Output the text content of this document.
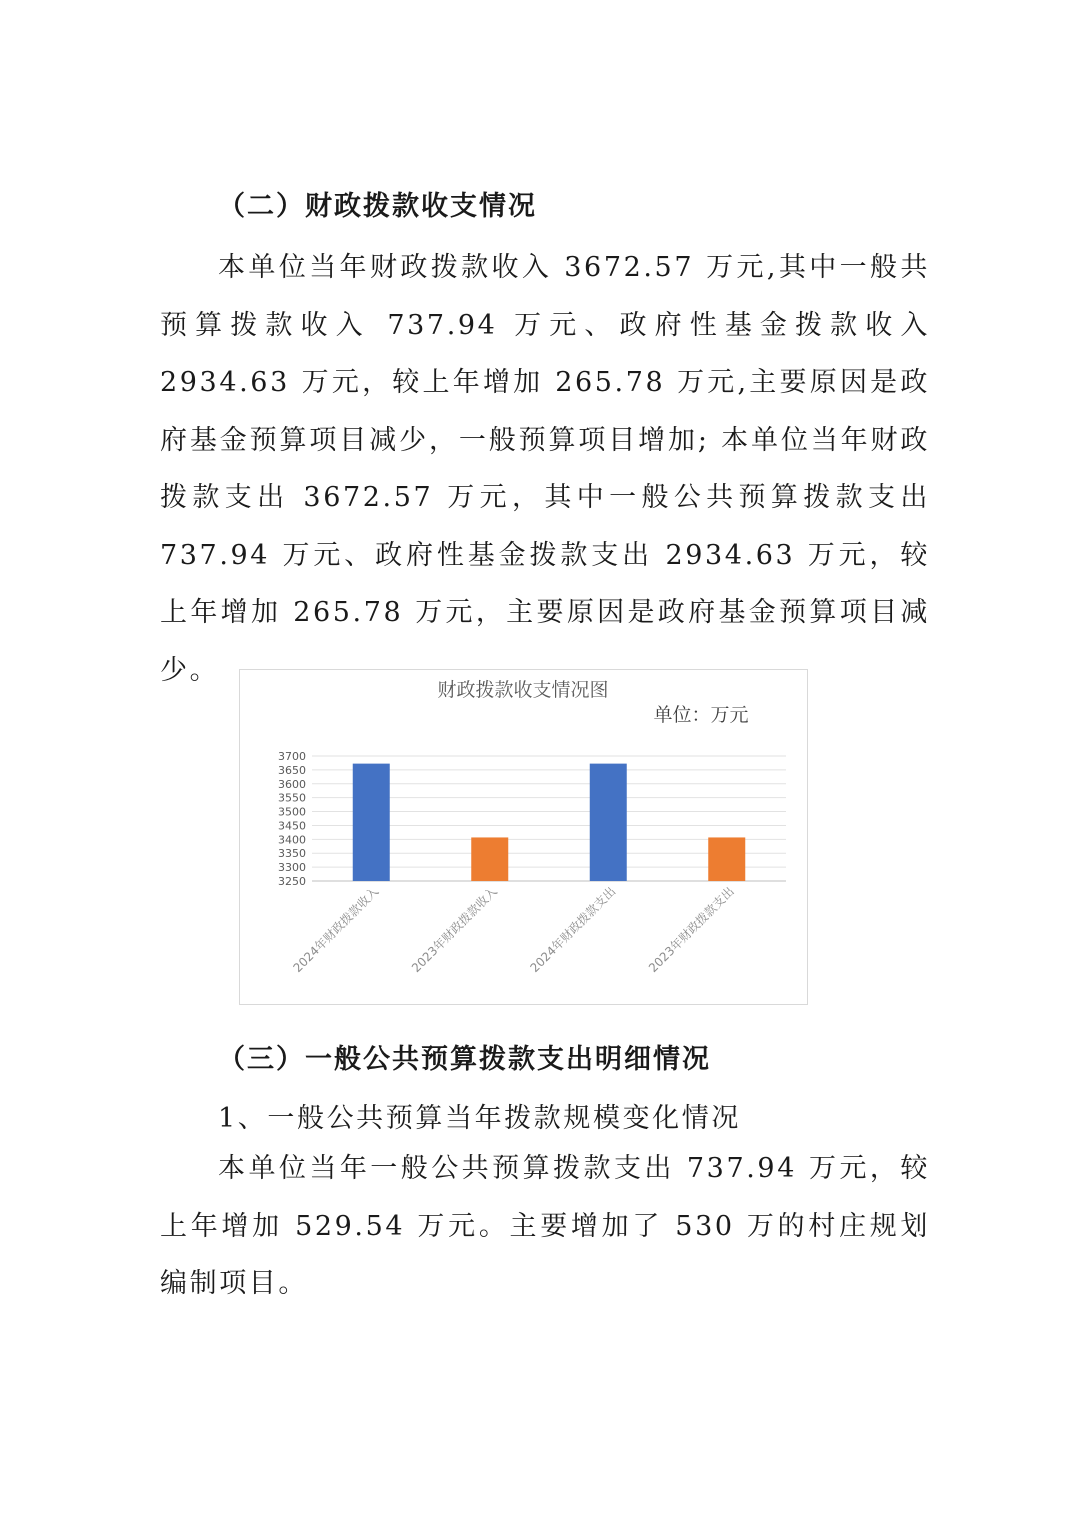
（二）财政拨款收支情况

本单位当年财政拨款收入 3672.57 万元,其中一般共预算拨款收入 737.94 万元、政府性基金拨款收入 2934.63 万元，较上年增加 265.78 万元,主要原因是政府基金预算项目减少，一般预算项目增加; 本单位当年财政拨款支出 3672.57 万元，其中一般公共预算拨款支出 737.94 万元、政府性基金拨款支出 2934.63 万元，较上年增加 265.78 万元，主要原因是政府基金预算项目减少。

财政拨款收支情况图
单位：万元
3250
3300
3350
3400
3450
3500
3550
3600
3650
3700
2024年财政拨款收入 2023年财政拨款收入 2024年财政拨款支出 2023年财政拨款支出
（三）一般公共预算拨款支出明细情况

1、一般公共预算当年拨款规模变化情况

本单位当年一般公共预算拨款支出 737.94 万元，较上年增加 529.54 万元。主要增加了 530 万的村庄规划编制项目。
